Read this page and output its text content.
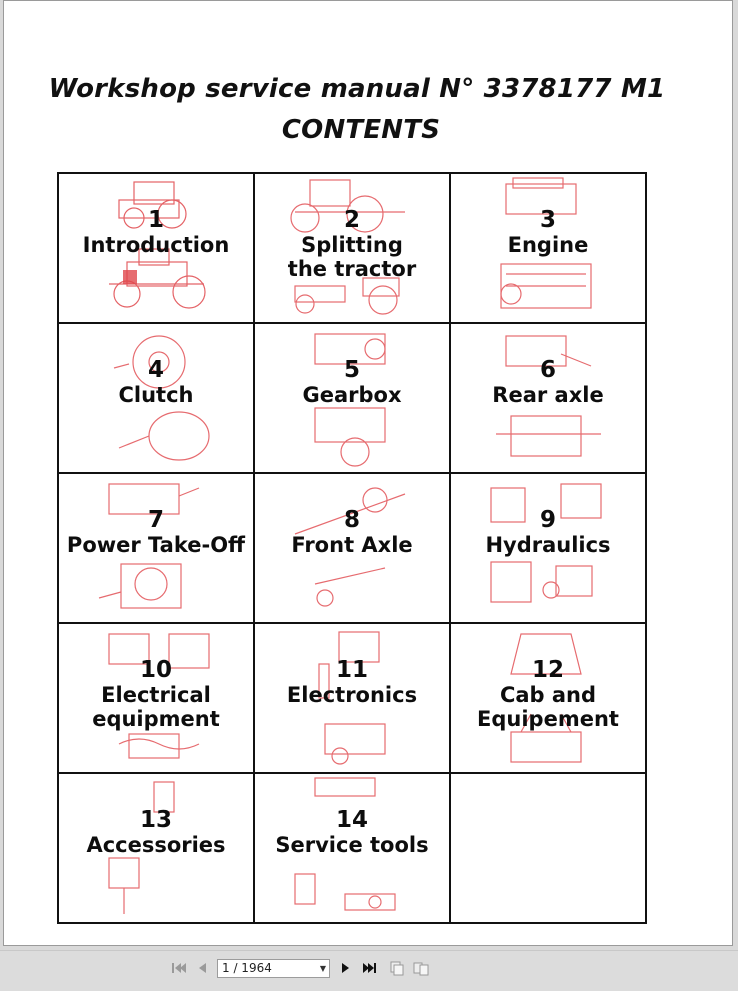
Workshop service manual N° 3378177 M1
CONTENTS
1
Introduction
2
Splitting
the tractor
3
Engine
4
Clutch
5
Gearbox
6
Rear axle
7
Power Take-Off
8
Front Axle
9
Hydraulics
10
Electrical
equipment
11
Electronics
12
Cab and
Equipement
13
Accessories
14
Service tools
1 / 1964	▼
